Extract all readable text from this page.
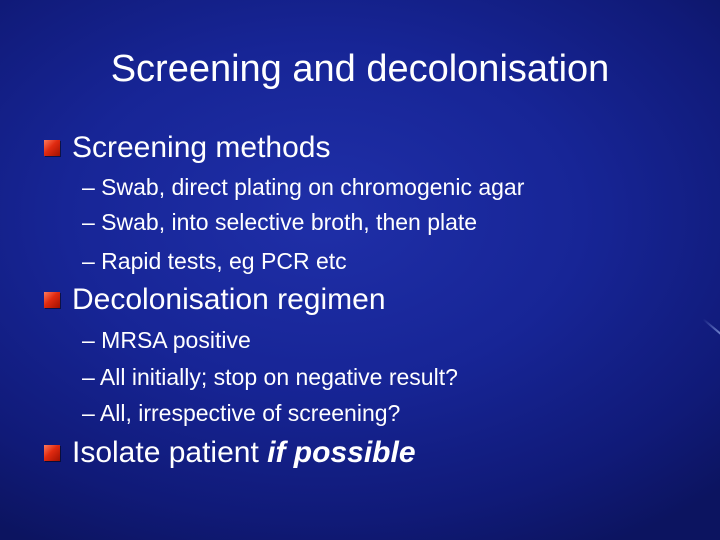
Screening and decolonisation
Screening methods
– Swab, direct plating on chromogenic agar
– Swab, into selective broth, then plate
– Rapid tests, eg PCR etc
Decolonisation regimen
– MRSA positive
– All initially; stop on negative result?
– All, irrespective of screening?
Isolate patient if possible
